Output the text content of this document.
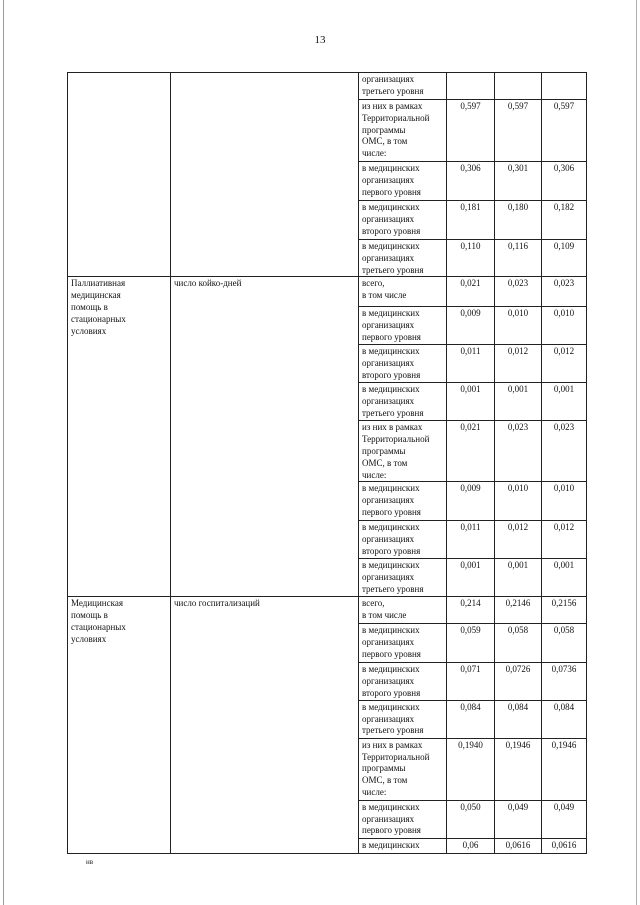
13
		организациях
третьего уровня			
		из них в рамках
Территориальной
программы
ОМС, в том
числе:	0,597	0,597	0,597
		в медицинских
организациях
первого уровня	0,306	0,301	0,306
		в медицинских
организациях
второго уровня	0,181	0,180	0,182
		в медицинских
организациях
третьего уровня	0,110	0,116	0,109
Паллиативная
медицинская
помощь в
стационарных
условиях	число койко-дней	всего,
в том числе	0,021	0,023	0,023
		в медицинских
организациях
первого уровня	0,009	0,010	0,010
		в медицинских
организациях
второго уровня	0,011	0,012	0,012
		в медицинских
организациях
третьего уровня	0,001	0,001	0,001
		из них в рамках
Территориальной
программы
ОМС, в том
числе:	0,021	0,023	0,023
		в медицинских
организациях
первого уровня	0,009	0,010	0,010
		в медицинских
организациях
второго уровня	0,011	0,012	0,012
		в медицинских
организациях
третьего уровня	0,001	0,001	0,001
Медицинская
помощь в
стационарных
условиях	число госпитализаций	всего,
в том числе	0,214	0,2146	0,2156
		в медицинских
организациях
первого уровня	0,059	0,058	0,058
		в медицинских
организациях
второго уровня	0,071	0,0726	0,0736
		в медицинских
организациях
третьего уровня	0,084	0,084	0,084
		из них в рамках
Территориальной
программы
ОМС, в том
числе:	0,1940	0,1946	0,1946
		в медицинских
организациях
первого уровня	0,050	0,049	0,049
		в медицинских	0,06	0,0616	0,0616
нв
